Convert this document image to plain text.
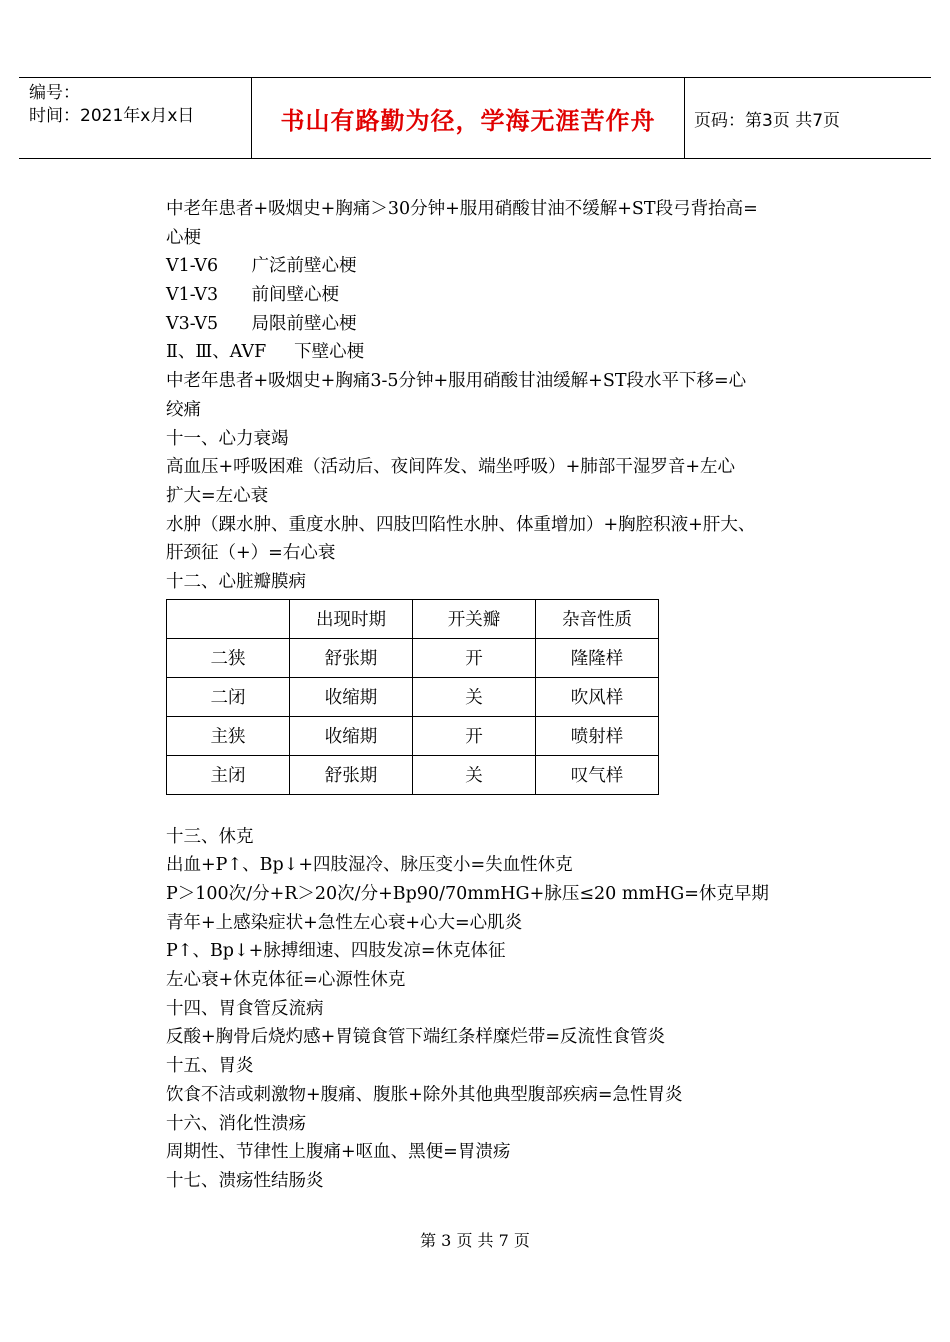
编号：
时间：2021年x月x日	书山有路勤为径，学海无涯苦作舟 页码：第3页 共7页
中老年患者+吸烟史+胸痛＞30分钟+服用硝酸甘油不缓解+ST段弓背抬高=
心梗
V1-V6      广泛前壁心梗
V1-V3      前间壁心梗
V3-V5      局限前壁心梗
Ⅱ、Ⅲ、AVF     下壁心梗
中老年患者+吸烟史+胸痛3-5分钟+服用硝酸甘油缓解+ST段水平下移=心
绞痛
十一、心力衰竭
高血压+呼吸困难（活动后、夜间阵发、端坐呼吸）+肺部干湿罗音+左心
扩大=左心衰
水肿（踝水肿、重度水肿、四肢凹陷性水肿、体重增加）+胸腔积液+肝大、
肝颈征（+）=右心衰
十二、心脏瓣膜病
	出现时期	开关瓣	杂音性质
二狭	舒张期	开	隆隆样
二闭	收缩期	关	吹风样
主狭	收缩期	开	喷射样
主闭	舒张期	关	叹气样
十三、休克
出血+P↑、Bp↓+四肢湿冷、脉压变小=失血性休克
P＞100次/分+R＞20次/分+Bp90/70mmHG+脉压≤20 mmHG=休克早期
青年+上感染症状+急性左心衰+心大=心肌炎
P↑、Bp↓+脉搏细速、四肢发凉=休克体征
左心衰+休克体征=心源性休克
十四、胃食管反流病
反酸+胸骨后烧灼感+胃镜食管下端红条样糜烂带=反流性食管炎
十五、胃炎
饮食不洁或刺激物+腹痛、腹胀+除外其他典型腹部疾病=急性胃炎
十六、消化性溃疡
周期性、节律性上腹痛+呕血、黑便=胃溃疡
十七、溃疡性结肠炎
第 3 页 共 7 页
